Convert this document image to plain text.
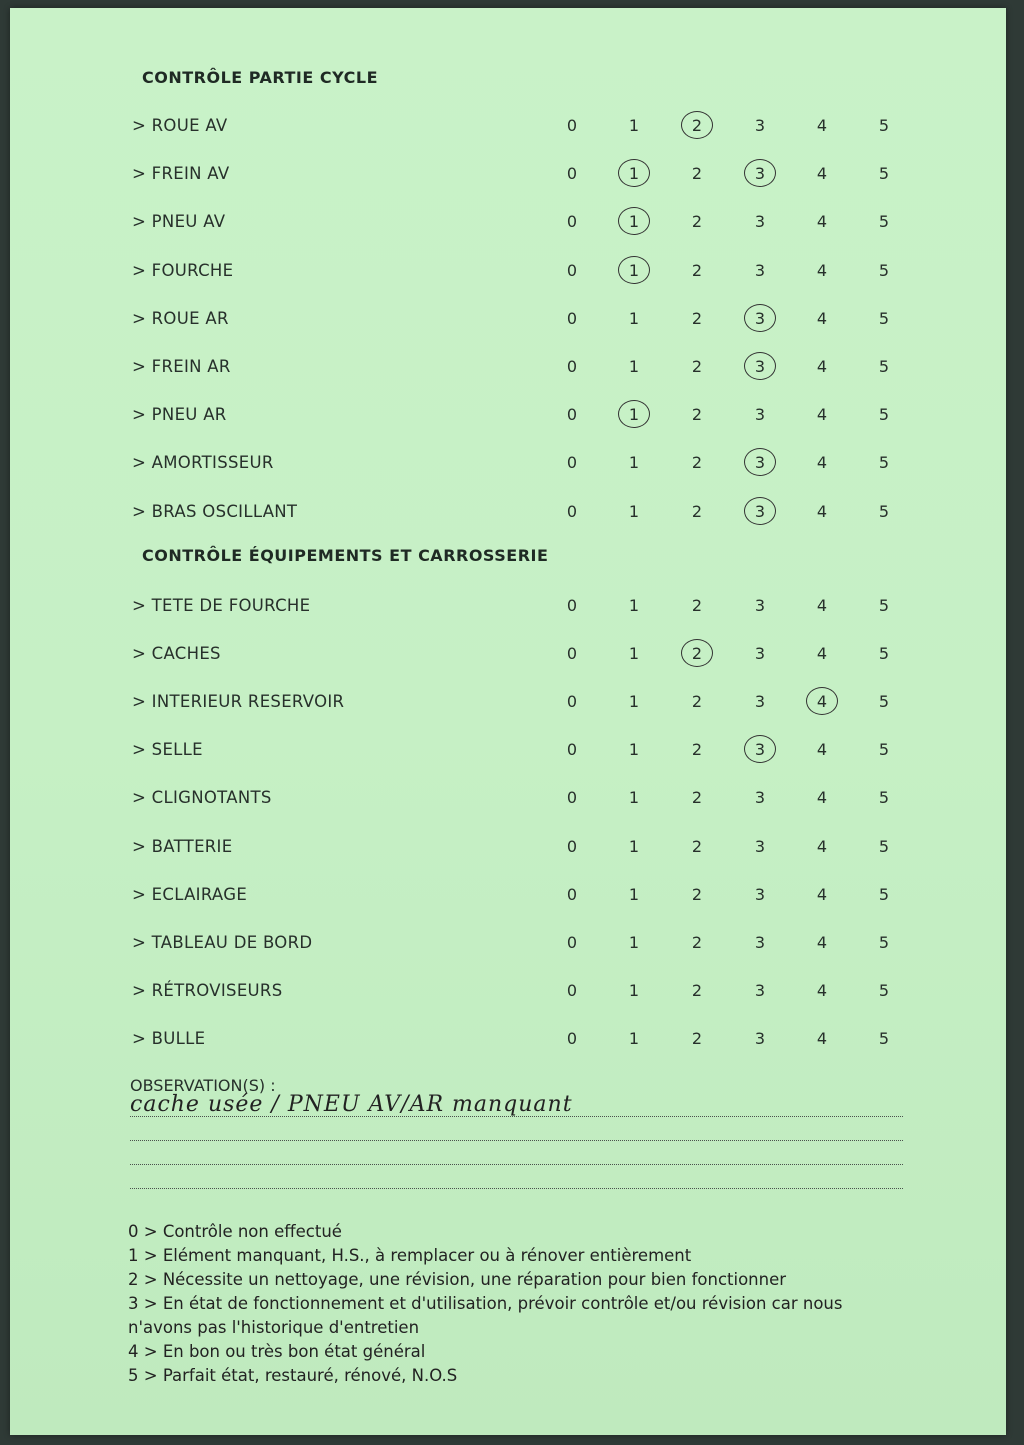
CONTRÔLE PARTIE CYCLE
> ROUE AV	0	1	2	3	4	5
> FREIN AV	0	1	2	3	4	5
> PNEU AV	0	1	2	3	4	5
> FOURCHE	0	1	2	3	4	5
> ROUE AR	0	1	2	3	4	5
> FREIN AR	0	1	2	3	4	5
> PNEU AR	0	1	2	3	4	5
> AMORTISSEUR	0	1	2	3	4	5
> BRAS OSCILLANT	0	1	2	3	4	5
CONTRÔLE ÉQUIPEMENTS ET CARROSSERIE
> TETE DE FOURCHE	0	1	2	3	4	5
> CACHES	0	1	2	3	4	5
> INTERIEUR RESERVOIR	0	1	2	3	4	5
> SELLE	0	1	2	3	4	5
> CLIGNOTANTS	0	1	2	3	4	5
> BATTERIE	0	1	2	3	4	5
> ECLAIRAGE	0	1	2	3	4	5
> TABLEAU DE BORD	0	1	2	3	4	5
> RÉTROVISEURS	0	1	2	3	4	5
> BULLE	0	1	2	3	4	5
OBSERVATION(S) :
cache usée / PNEU AV/AR manquant
0 > Contrôle non effectué
1 > Elément manquant, H.S., à remplacer ou à rénover entièrement
2 > Nécessite un nettoyage, une révision, une réparation pour bien fonctionner
3 > En état de fonctionnement et d'utilisation, prévoir contrôle et/ou révision car nous
n'avons pas l'historique d'entretien
4 > En bon ou très bon état général
5 > Parfait état, restauré, rénové, N.O.S
